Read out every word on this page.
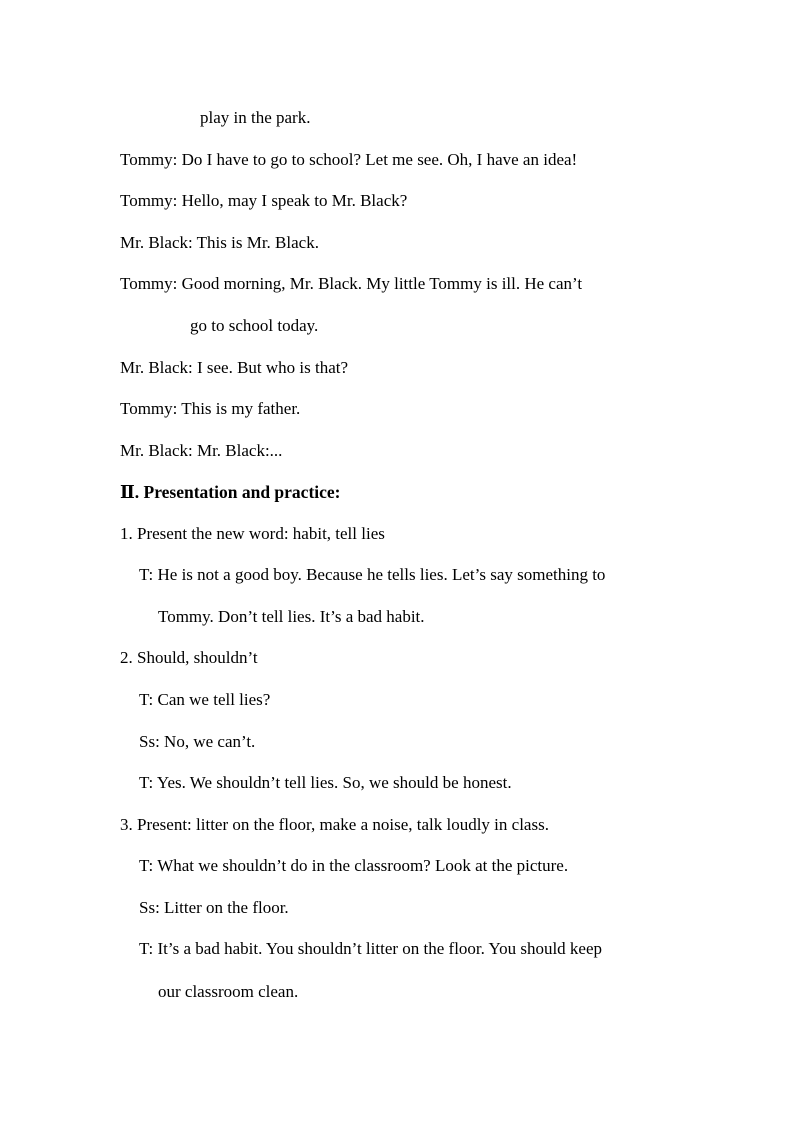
play in the park.
Tommy: Do I have to go to school? Let me see. Oh, I have an idea!
Tommy: Hello, may I speak to Mr. Black?
Mr. Black: This is Mr. Black.
Tommy: Good morning, Mr. Black. My little Tommy is ill. He can’t
go to school today.
Mr. Black: I see. But who is that?
Tommy: This is my father.
Mr. Black: Mr. Black:...
Ⅱ. Presentation and practice:
1. Present the new word: habit, tell lies
T: He is not a good boy. Because he tells lies. Let’s say something to
Tommy. Don’t tell lies. It’s a bad habit.
2. Should, shouldn’t
T: Can we tell lies?
Ss: No, we can’t.
T: Yes. We shouldn’t tell lies. So, we should be honest.
3. Present: litter on the floor, make a noise, talk loudly in class.
T: What we shouldn’t do in the classroom? Look at the picture.
Ss: Litter on the floor.
T: It’s a bad habit. You shouldn’t litter on the floor. You should keep
our classroom clean.
